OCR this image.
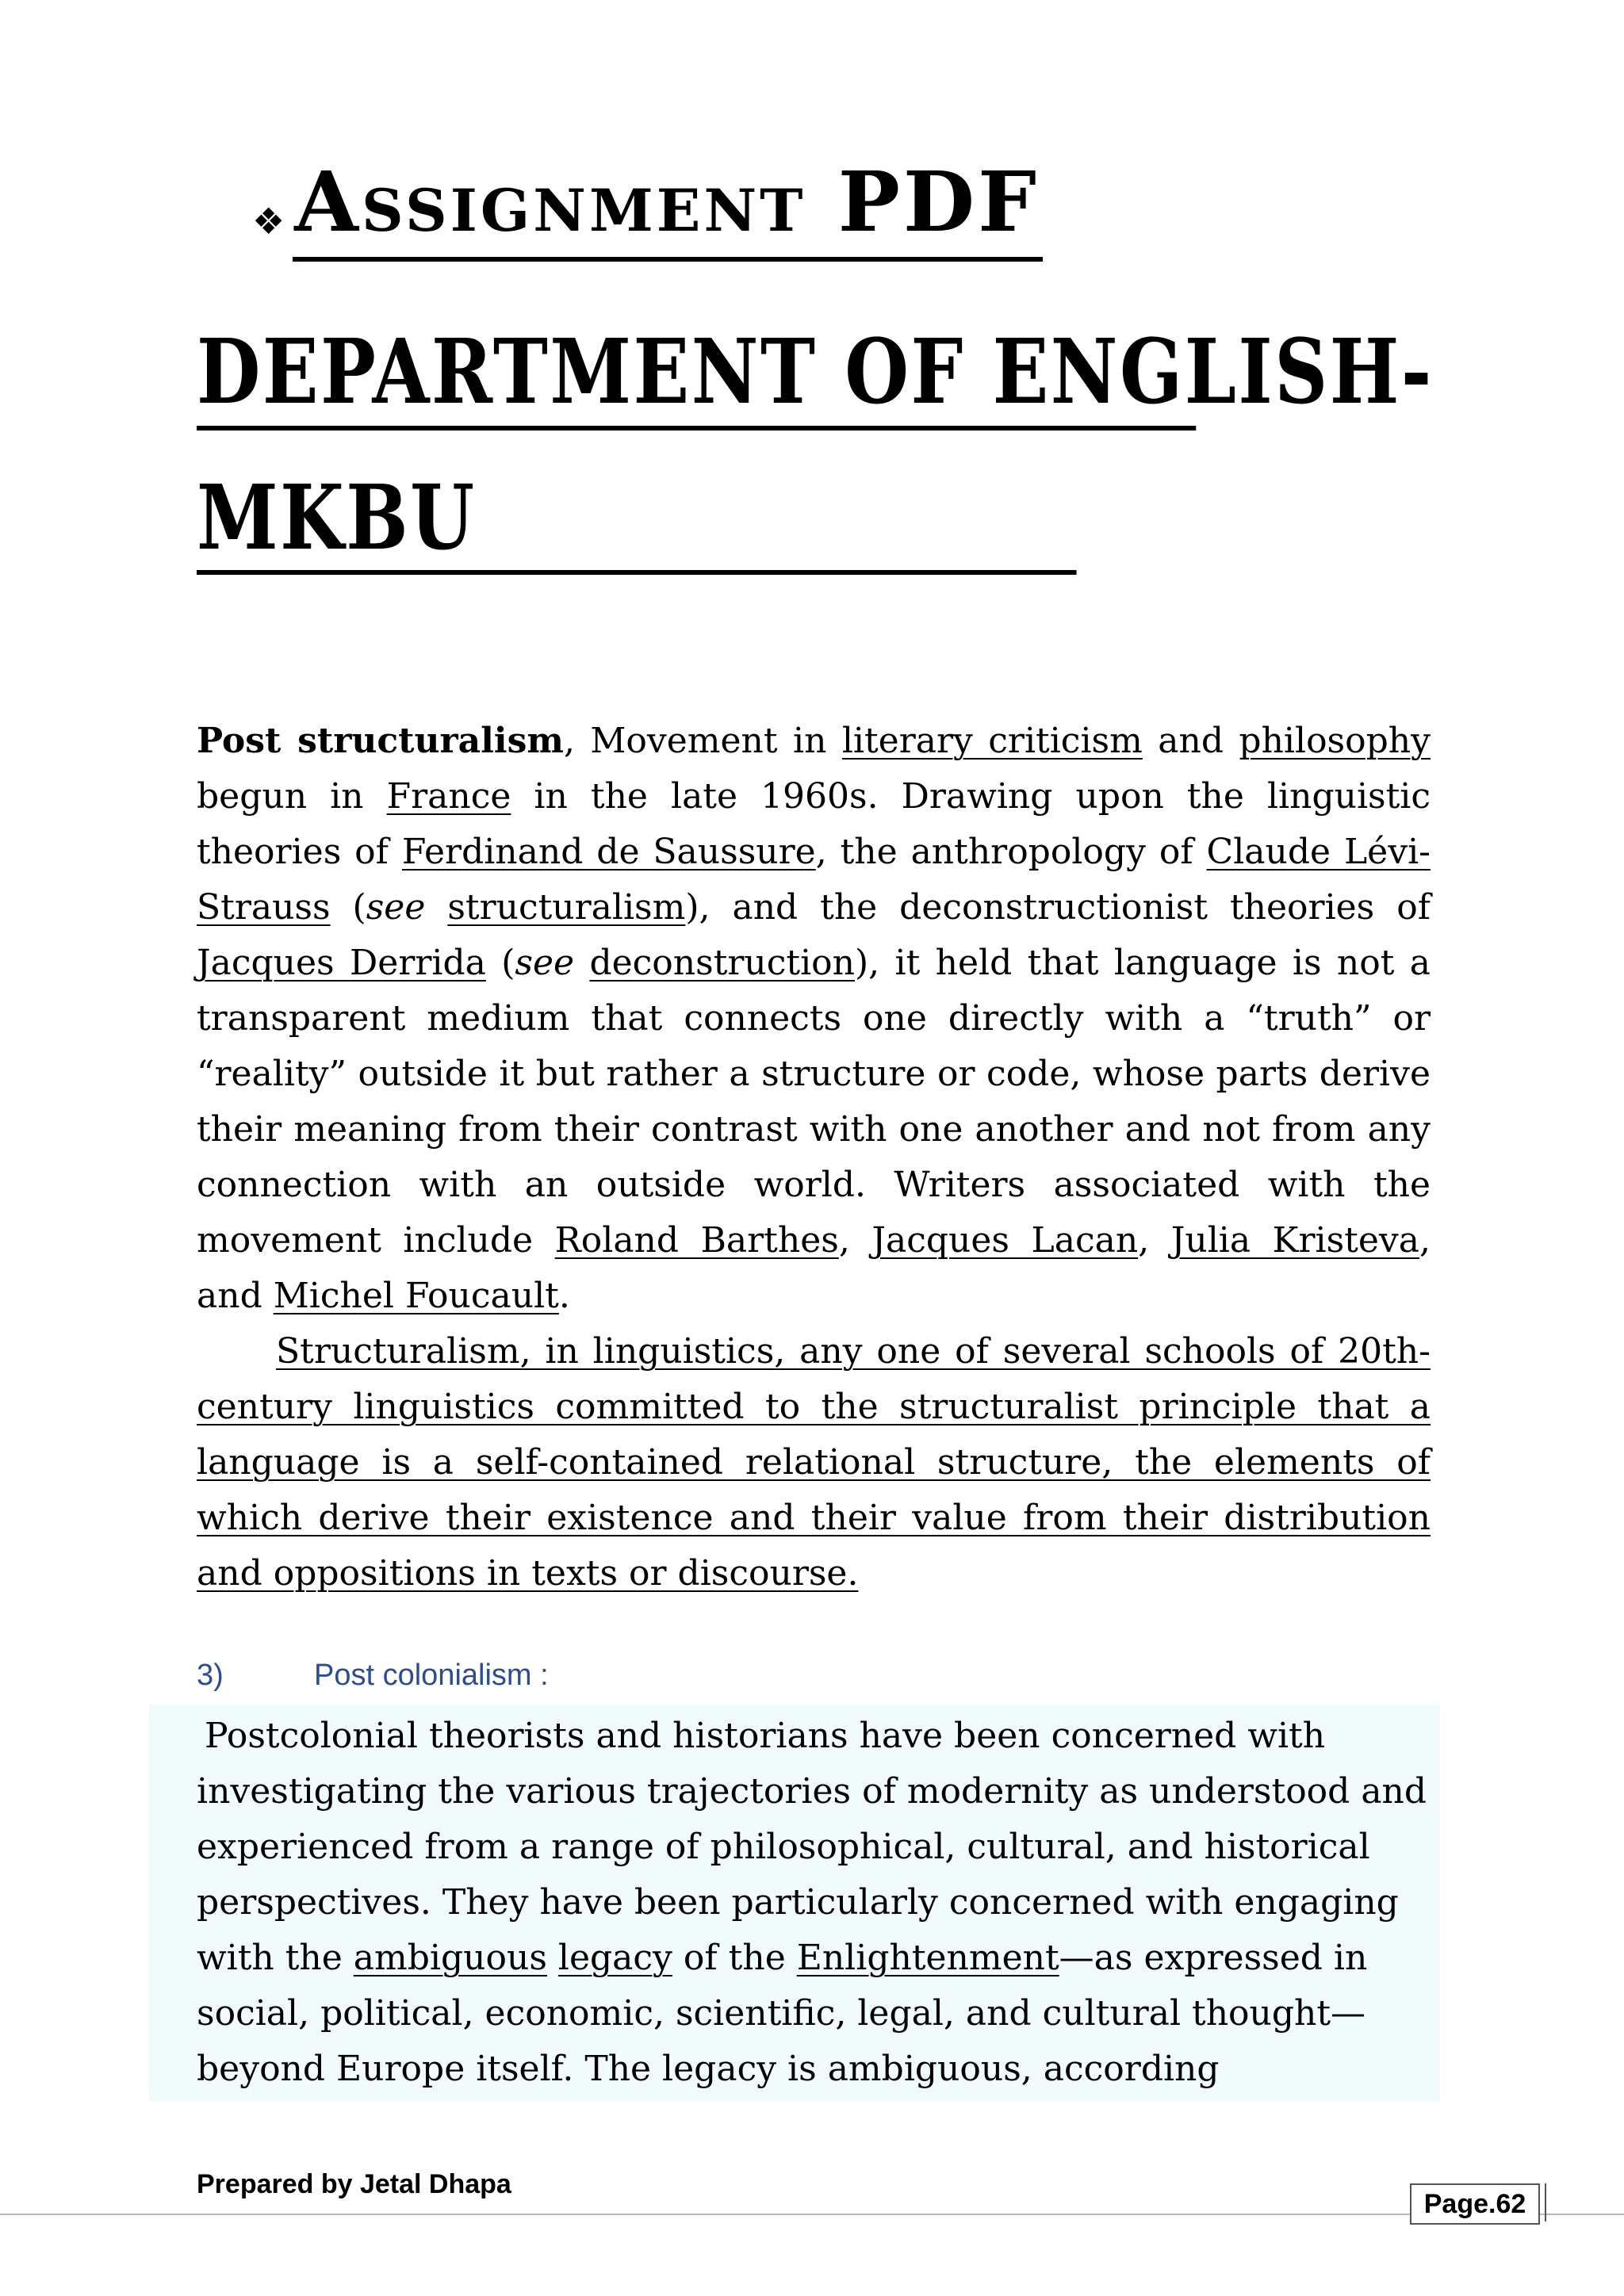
❖ Assignment PDF
DEPARTMENT OF ENGLISH-
MKBU
Post structuralism, Movement in literary criticism and philosophy begun in France in the late 1960s. Drawing upon the linguistic theories of Ferdinand de Saussure, the anthropology of Claude Lévi-Strauss (see structuralism), and the deconstructionist theories of Jacques Derrida (see deconstruction), it held that language is not a transparent medium that connects one directly with a “truth” or “reality” outside it but rather a structure or code, whose parts derive their meaning from their contrast with one another and not from any connection with an outside world. Writers associated with the movement include Roland Barthes, Jacques Lacan, Julia Kristeva, and Michel Foucault.
Structuralism, in linguistics, any one of several schools of 20th-century linguistics committed to the structuralist principle that a language is a self-contained relational structure, the elements of which derive their existence and their value from their distribution and oppositions in texts or discourse.
3)	Post colonialism :
Postcolonial theorists and historians have been concerned with investigating the various trajectories of modernity as understood and experienced from a range of philosophical, cultural, and historical perspectives. They have been particularly concerned with engaging with the ambiguous legacy of the Enlightenment—as expressed in social, political, economic, scientific, legal, and cultural thought—beyond Europe itself. The legacy is ambiguous, according
Prepared by Jetal Dhapa
Page.62
